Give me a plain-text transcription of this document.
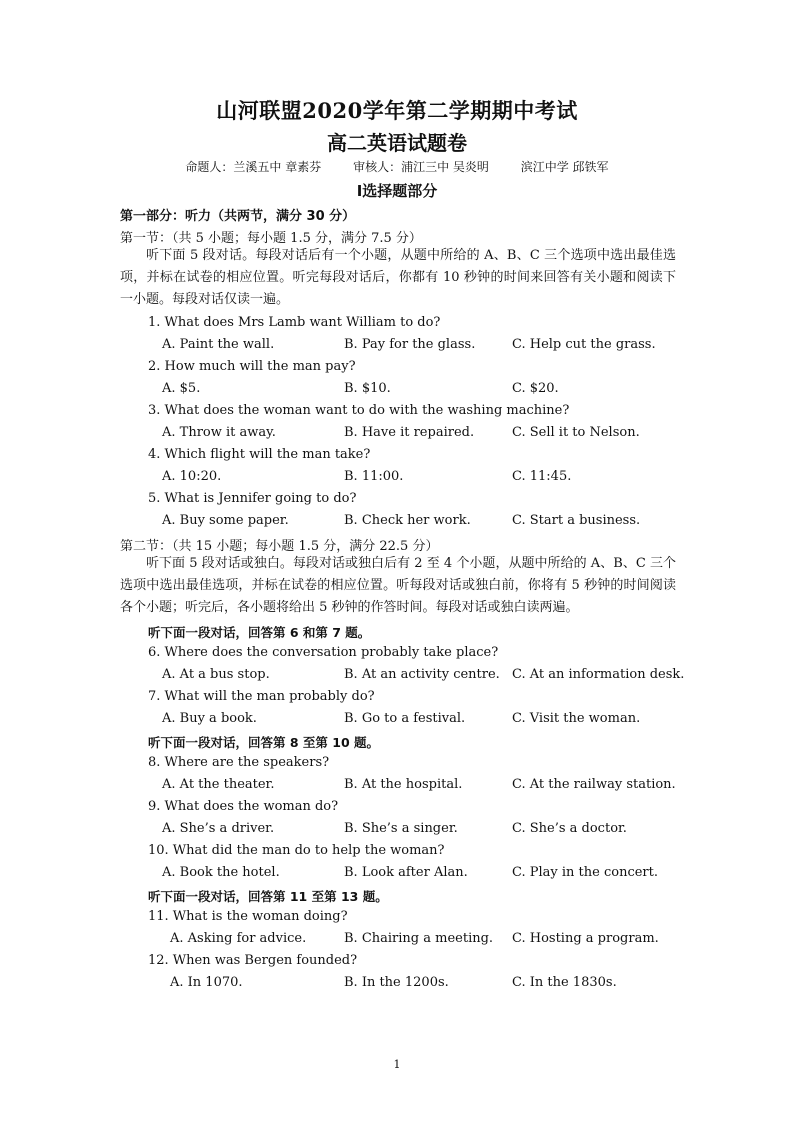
山河联盟2020学年第二学期期中考试
高二英语试题卷
命题人：兰溪五中 章素芬	审核人：浦江三中 吴炎明	滨江中学 邱铁军
Ⅰ选择题部分
第一部分：听力（共两节，满分 30 分）
第一节：（共 5 小题；每小题 1.5 分，满分 7.5 分）
听下面 5 段对话。每段对话后有一个小题，从题中所给的 A、B、C 三个选项中选出最佳选项，并标在试卷的相应位置。听完每段对话后，你都有 10 秒钟的时间来回答有关小题和阅读下一小题。每段对话仅读一遍。
1. What does Mrs Lamb want William to do?
A. Paint the wall.	B. Pay for the glass.	C. Help cut the grass.
2. How much will the man pay?
A. $5.	B. $10.	C. $20.
3. What does the woman want to do with the washing machine?
A. Throw it away.	B. Have it repaired.	C. Sell it to Nelson.
4. Which flight will the man take?
A. 10:20.	B. 11:00.	C. 11:45.
5. What is Jennifer going to do?
A. Buy some paper.	B. Check her work.	C. Start a business.
第二节：（共 15 小题；每小题 1.5 分，满分 22.5 分）
听下面 5 段对话或独白。每段对话或独白后有 2 至 4 个小题，从题中所给的 A、B、C 三个选项中选出最佳选项，并标在试卷的相应位置。听每段对话或独白前，你将有 5 秒钟的时间阅读各个小题；听完后，各小题将给出 5 秒钟的作答时间。每段对话或独白读两遍。
听下面一段对话，回答第 6 和第 7 题。
6. Where does the conversation probably take place?
A. At a bus stop.	B. At an activity centre. C. At an information desk.
7. What will the man probably do?
A. Buy a book.	B. Go to a festival.	C. Visit the woman.
听下面一段对话，回答第 8 至第 10 题。
8. Where are the speakers?
A. At the theater.	B. At the hospital.	C. At the railway station.
9. What does the woman do?
A. She’s a driver.	B. She’s a singer.	C. She’s a doctor.
10. What did the man do to help the woman?
A. Book the hotel.	B. Look after Alan.	C. Play in the concert.
听下面一段对话，回答第 11 至第 13 题。
11. What is the woman doing?
A. Asking for advice.	B. Chairing a meeting. C. Hosting a program.
12. When was Bergen founded?
A. In 1070.	B. In the 1200s.	C. In the 1830s.
1
